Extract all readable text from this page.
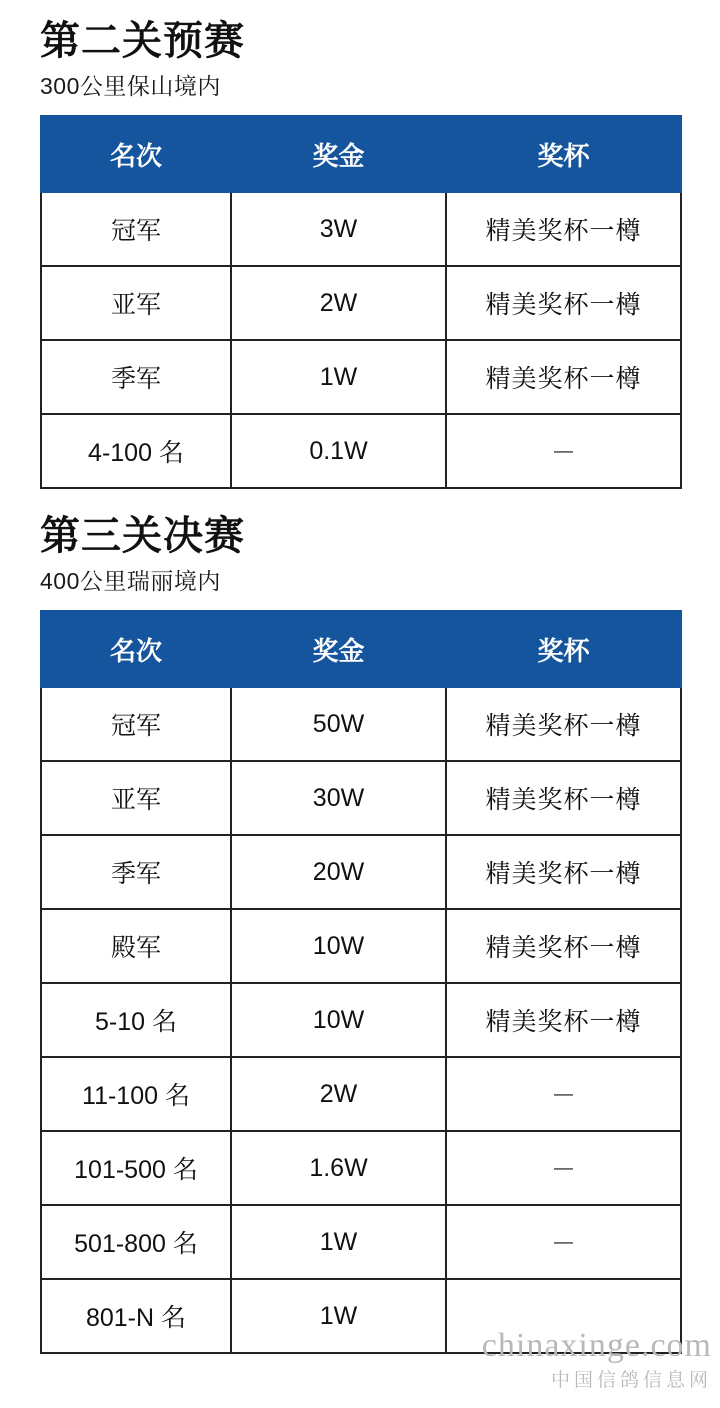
第二关预赛
300公里保山境内
名次	奖金	奖杯
冠军	3W	精美奖杯一樽
亚军	2W	精美奖杯一樽
季军	1W	精美奖杯一樽
4-100 名	0.1W	－
第三关决赛
400公里瑞丽境内
名次	奖金	奖杯
冠军	50W	精美奖杯一樽
亚军	30W	精美奖杯一樽
季军	20W	精美奖杯一樽
殿军	10W	精美奖杯一樽
5-10 名	10W	精美奖杯一樽
11-100 名	2W	－
101-500 名	1.6W	－
501-800 名	1W	－
801-N 名	1W	
chinaxinge.com
中国信鸽信息网
